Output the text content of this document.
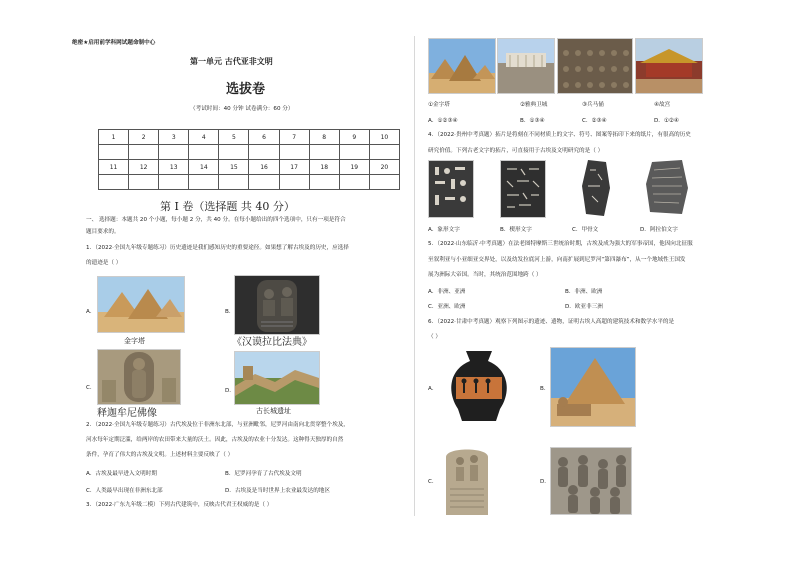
绝密★启用前学科网试题命制中心
第一单元 古代亚非文明
选拔卷
（考试时间：40 分钟 试卷满分：60 分）
1	2	3	4	5	6	7	8	9	10

11	12	13	14	15	16	17	18	19	20

第 I 卷（选择题 共 40 分）
一、 选择题：本题共 20 个小题，每小题 2 分，共 40 分。在每小题给出的四个选项中，只有一项是符合
题目要求的。
1．（2022·全国九年级专题练习）历史遗迹是我们感知历史的重要途径。如果想了解古埃及的历史，应选择
的遗迹是（ ）
A．
金字塔
B．
《汉谟拉比法典》
C．
释迦牟尼佛像
D．
古长城遗址
2．（2022·全国九年级专题练习）古代埃及位于非洲东北部，与亚洲毗邻，尼罗河由南向北贯穿整个埃及，
河水每年定期泛滥，给两岸的农田带来大量的沃土。因此，古埃及的农业十分发达。这种得天独厚的自然
条件，孕育了伟大的古埃及文明。上述材料主要反映了（ ）
A．古埃及最早进入文明时期	B．尼罗河孕育了古代埃及文明
C．人类最早出现在非洲东北部	D．古埃及是当时世界上农业最发达的地区
3．（2022·广东九年级二模）下列古代建筑中，反映古代君王权威的是（ ）
①金字塔	②雅典卫城	③兵马俑	④故宫
A．①②③④	B．①③④	C．②③④	D．①②④
4．（2022·贵州中考真题）拓片是将刻在不同材质上的文字、符号、图案等拓印下来的纸片，有很高的历史
研究价值。下列古老文字的拓片，可直接用于古埃及文明研究的是（ ）
A．象形文字	B．楔形文字	C．甲骨文	D．阿拉伯文字
5．（2022·山东临沂·中考真题）在法老图特摩斯三世统治时期，古埃及成为强大的军事帝国，他因向北征服
至叙利亚与小亚细亚交界处，以及幼发拉底河上游，向南扩展到尼罗河“第四瀑布”，从一个地域性王国发
展为洲际大帝国。当时，其统治范围地跨（ ）
A．非洲、亚洲	B．非洲、欧洲
C．亚洲、欧洲	D．欧亚非三洲
6．（2022·甘肃中考真题）观察下列图示的遗迹、遗物，证明古埃人高超的建筑技术和数学水平的是
（ ）
A．	B．
C．	D．
